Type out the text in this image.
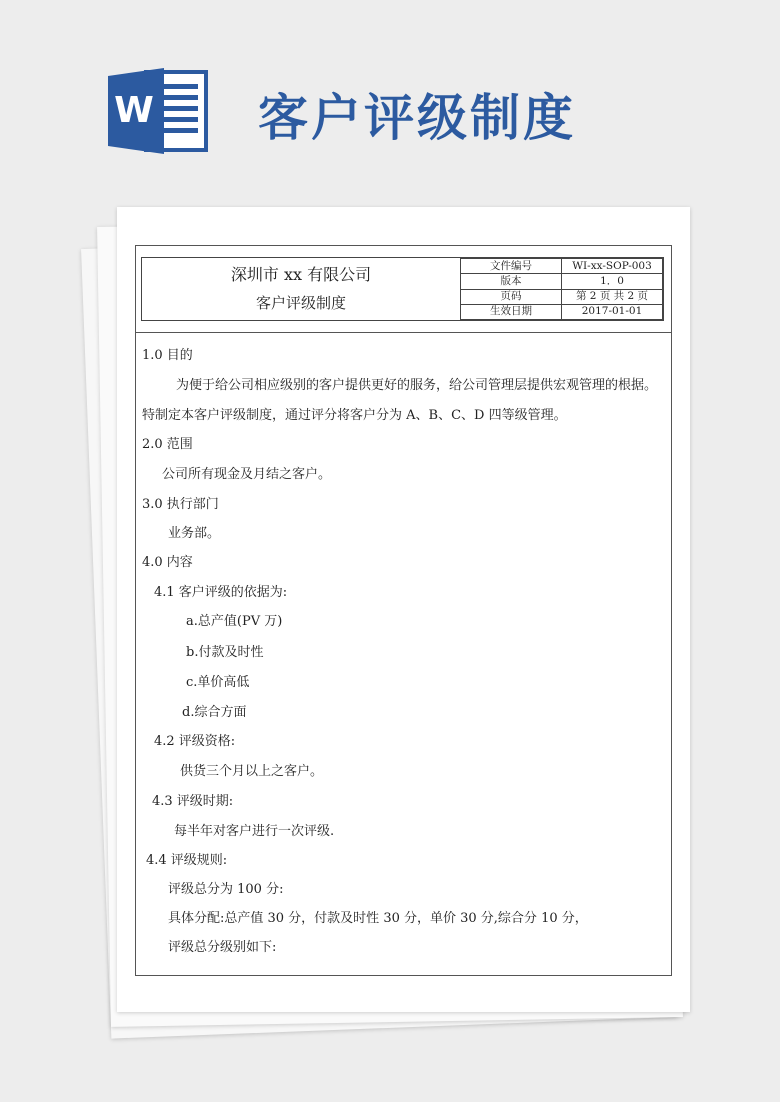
W 客户评级制度
深圳市 xx 有限公司
客户评级制度
文件编号	WI-xx-SOP-003
版本	1．0
页码	第 2 页 共 2 页
生效日期	2017-01-01
1.0 目的
为便于给公司相应级别的客户提供更好的服务，给公司管理层提供宏观管理的根据。
特制定本客户评级制度，通过评分将客户分为 A、B、C、D 四等级管理。
2.0 范围
公司所有现金及月结之客户。
3.0 执行部门
业务部。
4.0 内容
4.1 客户评级的依据为:
a.总产值(PV 万)
b.付款及时性
c.单价高低
d.综合方面
4.2 评级资格:
供货三个月以上之客户。
4.3 评级时期:
每半年对客户进行一次评级.
4.4 评级规则:
评级总分为 100 分:
具体分配:总产值 30 分，付款及时性 30 分，单价 30 分,综合分 10 分，
评级总分级别如下:
